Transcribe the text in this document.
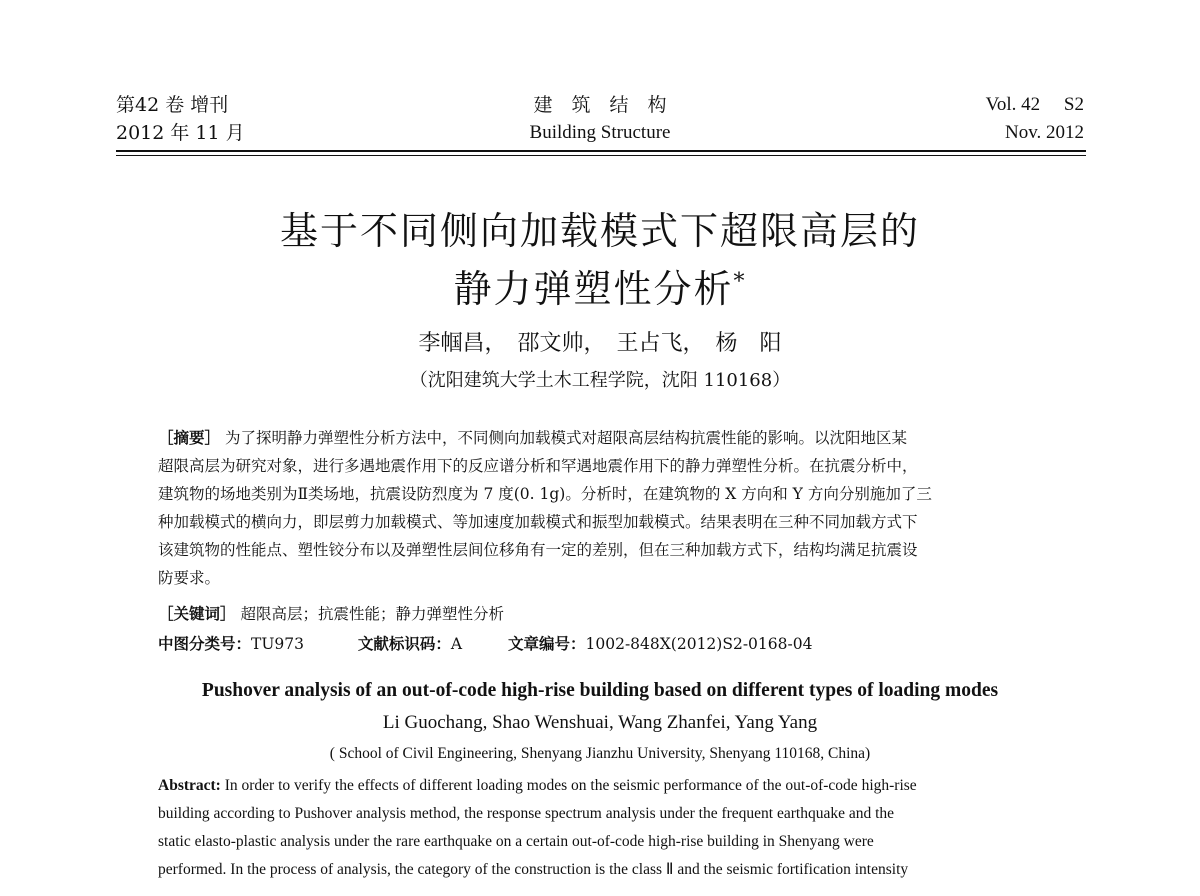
第42 卷 增刊
2012 年 11 月
建　筑　结　构
Building Structure
Vol. 42　 S2
Nov. 2012
基于不同侧向加载模式下超限高层的
静力弹塑性分析*
李帼昌，　邵文帅，　王占飞，　杨　阳
（沈阳建筑大学土木工程学院，沈阳 110168）
［摘要］ 为了探明静力弹塑性分析方法中，不同侧向加载模式对超限高层结构抗震性能的影响。以沈阳地区某
超限高层为研究对象，进行多遇地震作用下的反应谱分析和罕遇地震作用下的静力弹塑性分析。在抗震分析中，
建筑物的场地类别为Ⅱ类场地，抗震设防烈度为 7 度(0. 1g)。分析时，在建筑物的 X 方向和 Y 方向分别施加了三
种加载模式的横向力，即层剪力加载模式、等加速度加载模式和振型加载模式。结果表明在三种不同加载方式下
该建筑物的性能点、塑性铰分布以及弹塑性层间位移角有一定的差别，但在三种加载方式下，结构均满足抗震设
防要求。
［关键词］ 超限高层；抗震性能；静力弹塑性分析
中图分类号：TU973	文献标识码：A	文章编号：1002-848X(2012)S2-0168-04
Pushover analysis of an out-of-code high-rise building based on different types of loading modes
Li Guochang, Shao Wenshuai, Wang Zhanfei, Yang Yang
( School of Civil Engineering, Shenyang Jianzhu University, Shenyang 110168, China)
Abstract: In order to verify the effects of different loading modes on the seismic performance of the out-of-code high-rise
building according to Pushover analysis method, the response spectrum analysis under the frequent earthquake and the
static elasto-plastic analysis under the rare earthquake on a certain out-of-code high-rise building in Shenyang were
performed. In the process of analysis, the category of the construction is the class Ⅱ and the seismic fortification intensity
